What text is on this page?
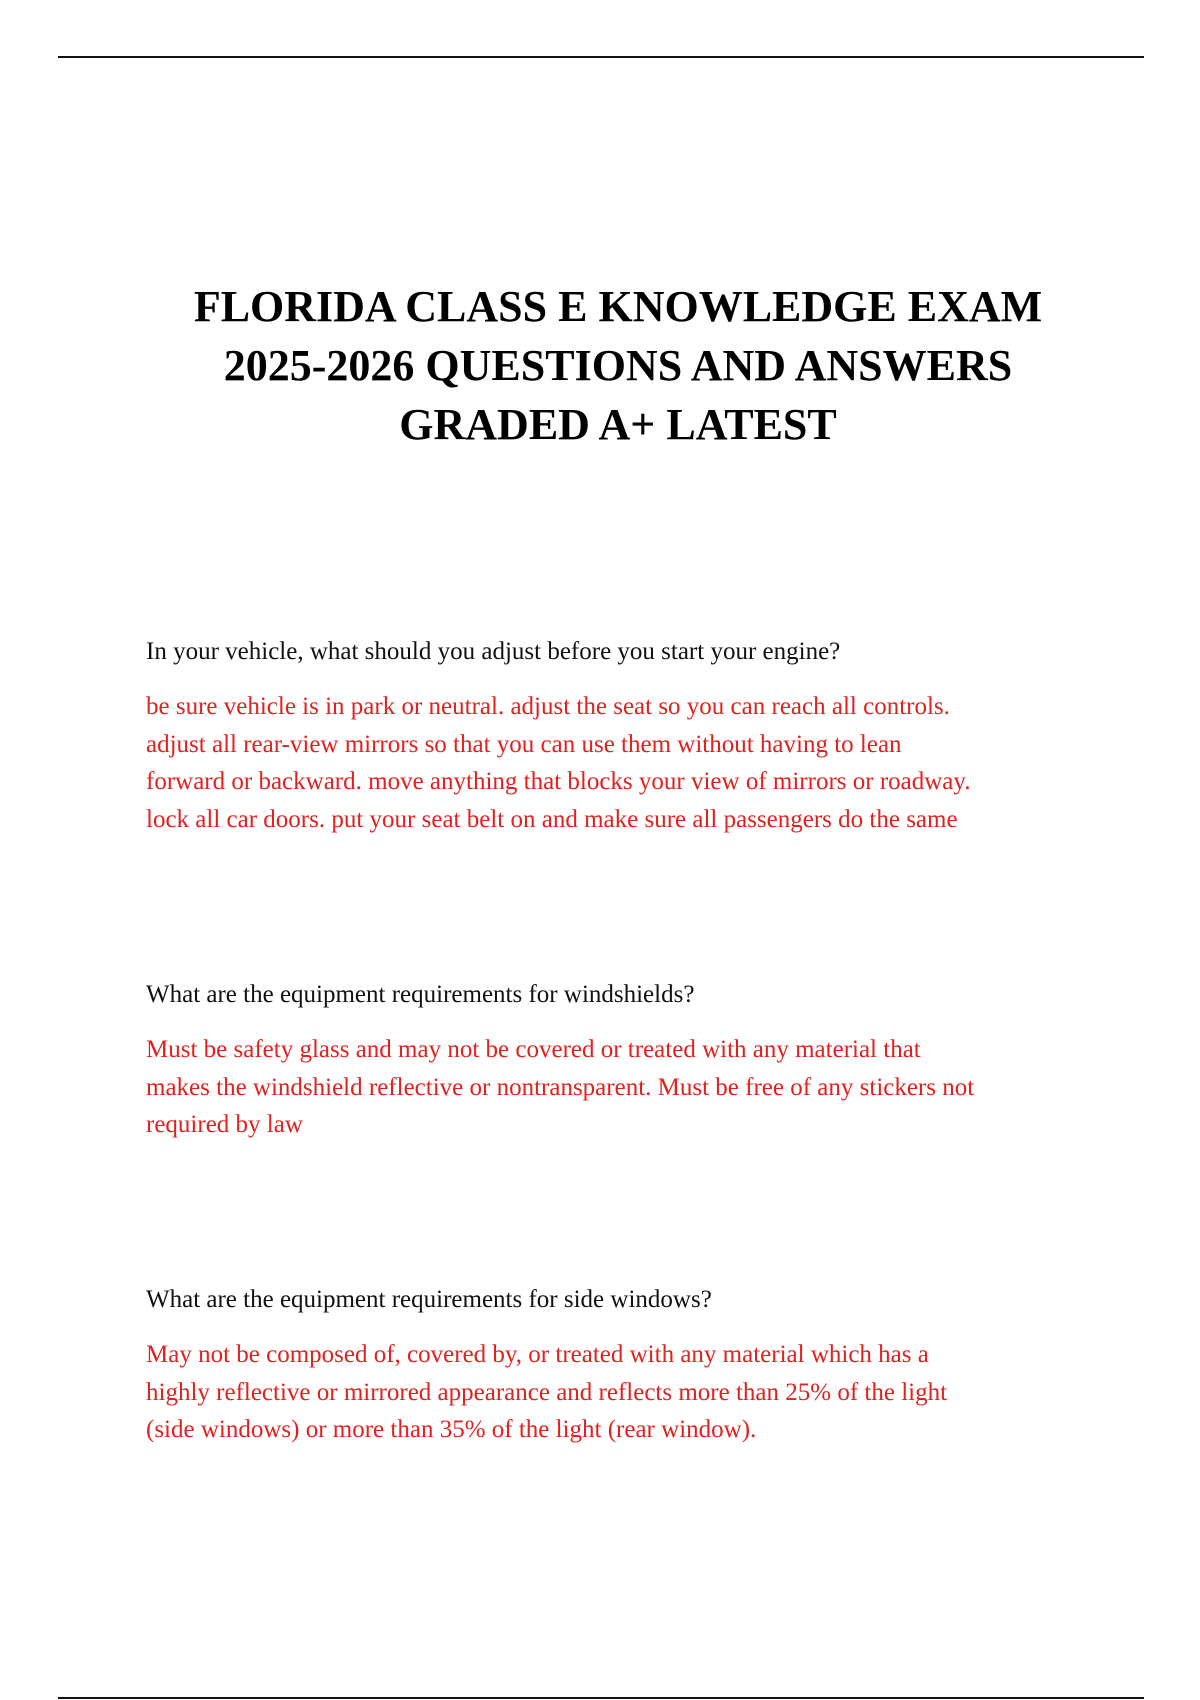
FLORIDA CLASS E KNOWLEDGE EXAM
2025-2026 QUESTIONS AND ANSWERS
GRADED A+ LATEST

In your vehicle, what should you adjust before you start your engine?

be sure vehicle is in park or neutral. adjust the seat so you can reach all controls.
adjust all rear-view mirrors so that you can use them without having to lean
forward or backward. move anything that blocks your view of mirrors or roadway.
lock all car doors. put your seat belt on and make sure all passengers do the same

What are the equipment requirements for windshields?

Must be safety glass and may not be covered or treated with any material that
makes the windshield reflective or nontransparent. Must be free of any stickers not
required by law

What are the equipment requirements for side windows?

May not be composed of, covered by, or treated with any material which has a
highly reflective or mirrored appearance and reflects more than 25% of the light
(side windows) or more than 35% of the light (rear window).
